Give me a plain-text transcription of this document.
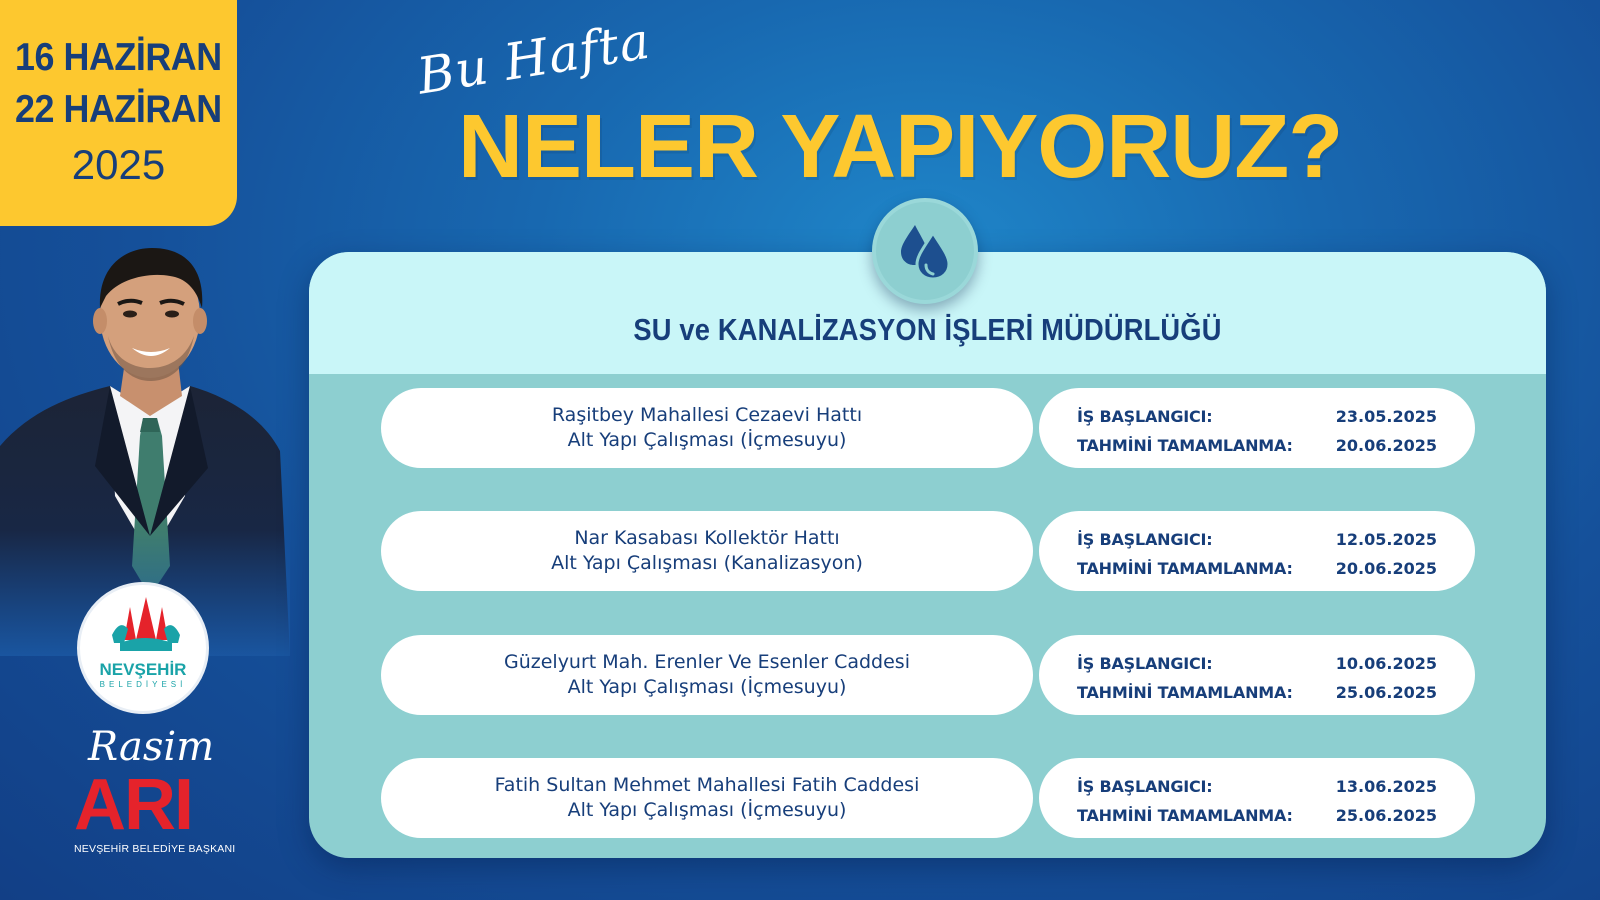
16 HAZİRAN
22 HAZİRAN
2025
Bu Hafta
NELER YAPIYORUZ?
NEVŞEHİR
BELEDİYESİ
Rasim
ARI
NEVŞEHİR BELEDİYE BAŞKANI
SU ve KANALİZASYON İŞLERİ MÜDÜRLÜĞÜ
Raşitbey Mahallesi Cezaevi Hattı
Alt Yapı Çalışması (İçmesuyu)
İŞ BAŞLANGICI:	23.05.2025
TAHMİNİ TAMAMLANMA:	20.06.2025
Nar Kasabası Kollektör Hattı
Alt Yapı Çalışması (Kanalizasyon)
İŞ BAŞLANGICI:	12.05.2025
TAHMİNİ TAMAMLANMA:	20.06.2025
Güzelyurt Mah. Erenler Ve Esenler Caddesi
Alt Yapı Çalışması (İçmesuyu)
İŞ BAŞLANGICI:	10.06.2025
TAHMİNİ TAMAMLANMA:	25.06.2025
Fatih Sultan Mehmet Mahallesi Fatih Caddesi
Alt Yapı Çalışması (İçmesuyu)
İŞ BAŞLANGICI:	13.06.2025
TAHMİNİ TAMAMLANMA:	25.06.2025
